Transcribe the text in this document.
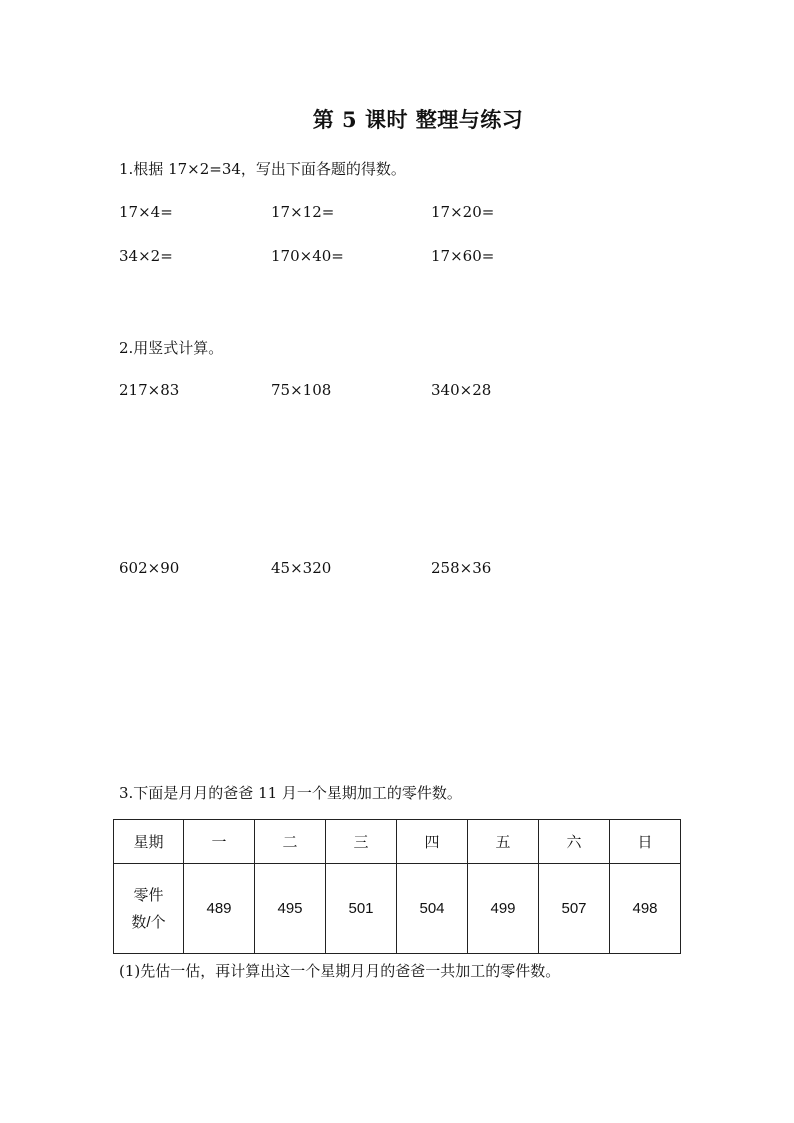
第 5 课时 整理与练习
1.根据 17×2=34，写出下面各题的得数。
17×4=	17×12=	17×20=
34×2=	170×40=	17×60=
2.用竖式计算。
217×83	75×108	340×28
602×90	45×320	258×36
3.下面是月月的爸爸 11 月一个星期加工的零件数。
星期	一	二	三	四	五	六	日

零件
数/个	489	495	501	504	499	507	498
(1)先估一估，再计算出这一个星期月月的爸爸一共加工的零件数。
